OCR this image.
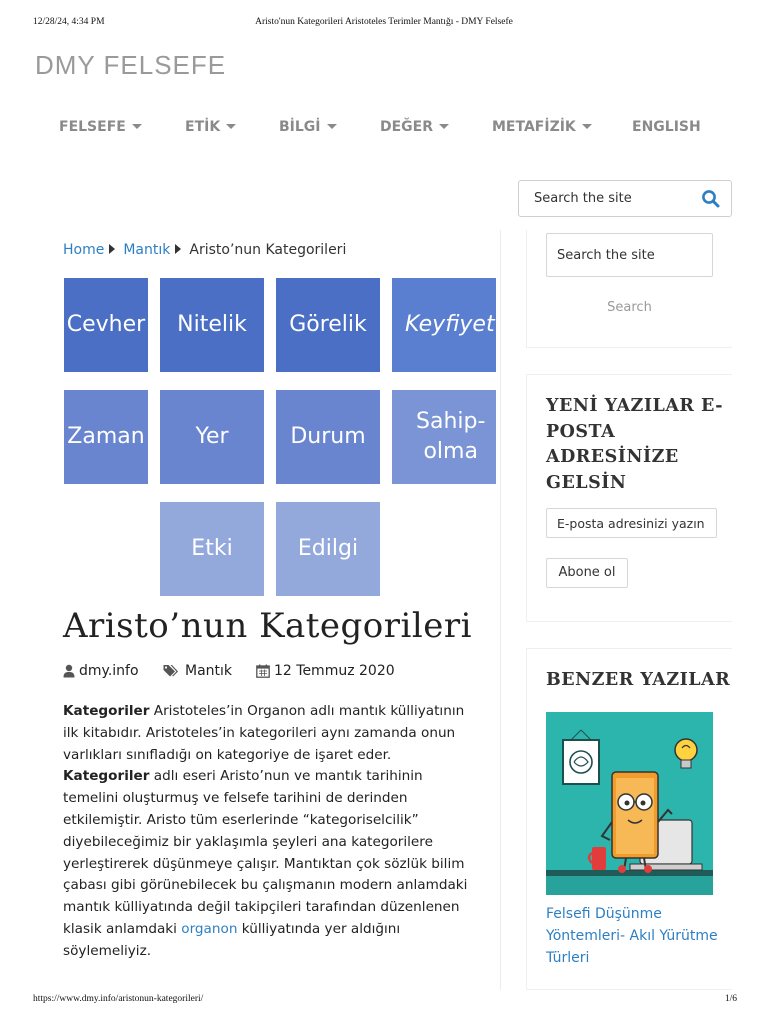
12/28/24, 4:34 PM	Aristo'nun Kategorileri Aristoteles Terimler Mantığı - DMY Felsefe
DMY FELSEFE
FELSEFE	ETİK	BİLGİ	DEĞER	METAFİZİK	ENGLISH
Search the site
Home Mantık Aristo’nun Kategorileri
Cevher Nitelik Görelik Keyfiyet
Zaman Yer	Durum
Sahip-
olma
Etki	Edilgi
Aristo’nun Kategorileri
dmy.info	Mantık	12 Temmuz 2020

Kategoriler Aristoteles’in Organon adlı mantık külliyatının ilk kitabıdır. Aristoteles’in kategorileri aynı zamanda onun varlıkları sınıfladığı on kategoriye de işaret eder. Kategoriler adlı eseri Aristo’nun ve mantık tarihinin temelini oluşturmuş ve felsefe tarihini de derinden etkilemiştir. Aristo tüm eserlerinde “kategoriselcilik” diyebileceğimiz bir yaklaşımla şeyleri ana kategorilere yerleştirerek düşünmeye çalışır. Mantıktan çok sözlük bilim çabası gibi görünebilecek bu çalışmanın modern anlamdaki mantık külliyatında değil takipçileri tarafından düzenlenen klasik anlamdaki organon külliyatında yer aldığını söylemeliyiz.

Search the site
Search
YENİ YAZILAR E-POSTA ADRESİNİZE GELSİN
E-posta adresinizi yazın
Abone ol
BENZER YAZILAR
Felsefi Düşünme Yöntemleri- Akıl Yürütme Türleri
https://www.dmy.info/aristonun-kategorileri/	1/6
